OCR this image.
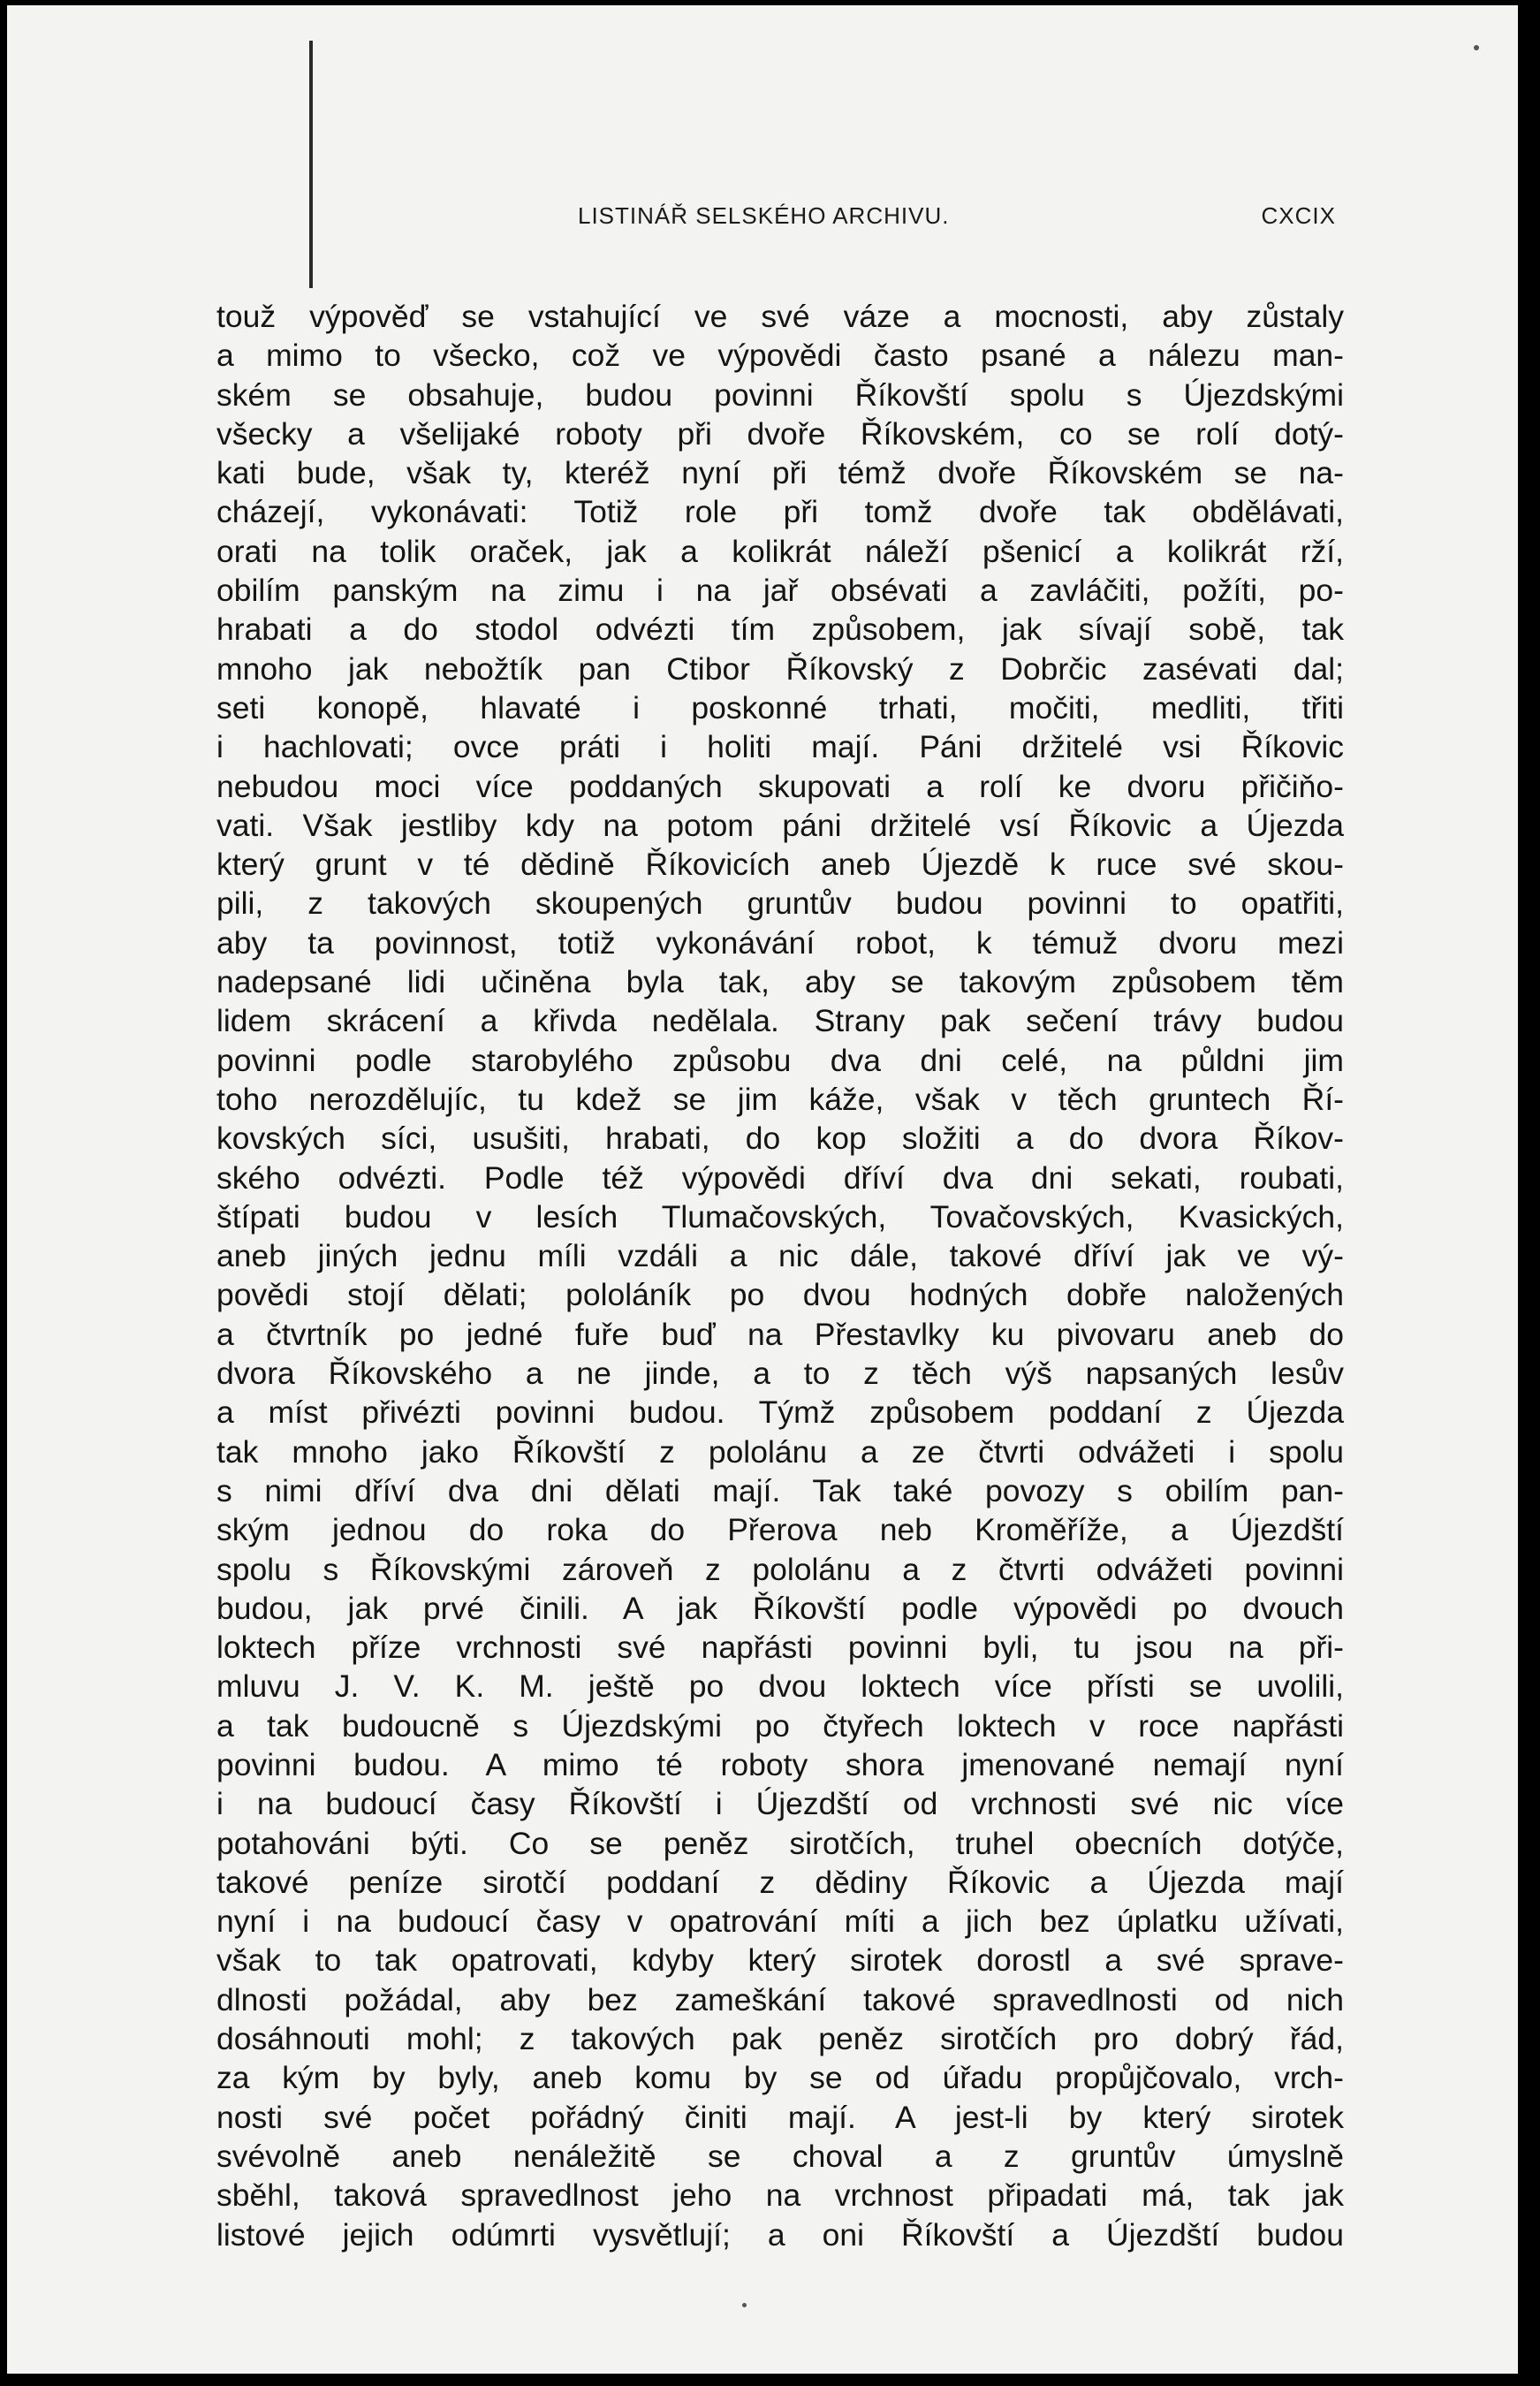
LISTINÁŘ SELSKÉHO ARCHIVU.	CXCIX
touž výpověď se vstahující ve své váze a mocnosti, aby zůstaly
a mimo to všecko, což ve výpovědi často psané a nálezu man-
ském se obsahuje, budou povinni Říkovští spolu s Újezdskými
všecky a všelijaké roboty při dvoře Říkovském, co se rolí dotý-
kati bude, však ty, kteréž nyní při témž dvoře Říkovském se na-
cházejí, vykonávati: Totiž role při tomž dvoře tak obdělávati,
orati na tolik oraček, jak a kolikrát náleží pšenicí a kolikrát rží,
obilím panským na zimu i na jař obsévati a zavláčiti, požíti, po-
hrabati a do stodol odvézti tím způsobem, jak sívají sobě, tak
mnoho jak nebožtík pan Ctibor Říkovský z Dobrčic zasévati dal;
seti konopě, hlavaté i poskonné trhati, močiti, medliti, třiti
i hachlovati; ovce práti i holiti mají. Páni držitelé vsi Říkovic
nebudou moci více poddaných skupovati a rolí ke dvoru přičiňo-
vati. Však jestliby kdy na potom páni držitelé vsí Říkovic a Újezda
který grunt v té dědině Říkovicích aneb Újezdě k ruce své skou-
pili, z takových skoupených gruntův budou povinni to opatřiti,
aby ta povinnost, totiž vykonávání robot, k témuž dvoru mezi
nadepsané lidi učiněna byla tak, aby se takovým způsobem těm
lidem skrácení a křivda nedělala. Strany pak sečení trávy budou
povinni podle starobylého způsobu dva dni celé, na půldni jim
toho nerozdělujíc, tu kdež se jim káže, však v těch gruntech Ří-
kovských síci, usušiti, hrabati, do kop složiti a do dvora Říkov-
ského odvézti. Podle též výpovědi dříví dva dni sekati, roubati,
štípati budou v lesích Tlumačovských, Tovačovských, Kvasických,
aneb jiných jednu míli vzdáli a nic dále, takové dříví jak ve vý-
povědi stojí dělati; pololáník po dvou hodných dobře naložených
a čtvrtník po jedné fuře buď na Přestavlky ku pivovaru aneb do
dvora Říkovského a ne jinde, a to z těch výš napsaných lesův
a míst přivézti povinni budou. Týmž způsobem poddaní z Újezda
tak mnoho jako Říkovští z pololánu a ze čtvrti odvážeti i spolu
s nimi dříví dva dni dělati mají. Tak také povozy s obilím pan-
ským jednou do roka do Přerova neb Kroměříže, a Újezdští
spolu s Říkovskými zároveň z pololánu a z čtvrti odvážeti povinni
budou, jak prvé činili. A jak Říkovští podle výpovědi po dvouch
loktech příze vrchnosti své napřásti povinni byli, tu jsou na při-
mluvu J. V. K. M. ještě po dvou loktech více přísti se uvolili,
a tak budoucně s Újezdskými po čtyřech loktech v roce napřásti
povinni budou. A mimo té roboty shora jmenované nemají nyní
i na budoucí časy Říkovští i Újezdští od vrchnosti své nic více
potahováni býti. Co se peněz sirotčích, truhel obecních dotýče,
takové peníze sirotčí poddaní z dědiny Říkovic a Újezda mají
nyní i na budoucí časy v opatrování míti a jich bez úplatku užívati,
však to tak opatrovati, kdyby který sirotek dorostl a své sprave-
dlnosti požádal, aby bez zameškání takové spravedlnosti od nich
dosáhnouti mohl; z takových pak peněz sirotčích pro dobrý řád,
za kým by byly, aneb komu by se od úřadu propůjčovalo, vrch-
nosti své počet pořádný činiti mají. A jest-li by který sirotek
svévolně aneb nenáležitě se choval a z gruntův úmyslně
sběhl, taková spravedlnost jeho na vrchnost připadati má, tak jak
listové jejich odúmrti vysvětlují; a oni Říkovští a Újezdští budou
